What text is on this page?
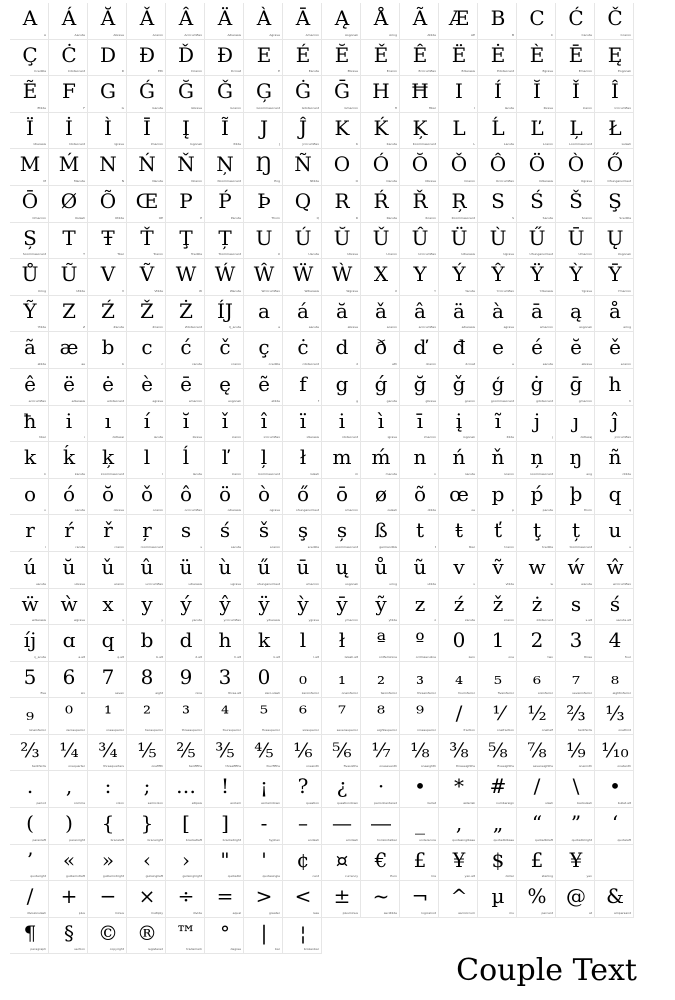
A
A
Á
Aacute
Ă
Abreve
Ǎ
Acaron
Â
Acircumflex
Ä
Adieresis
À
Agrave
Ā
Amacron
Ą
Aogonek
Å
Aring
Ã
Atilde
Æ
AE
B
B
C
C
Ć
Cacute
Č
Ccaron
Ç
Ccedilla
Ċ
Cdotaccent
D
D
Ð
Eth
Ď
Dcaron
Đ
Dcroat
E
E
É
Eacute
Ĕ
Ebreve
Ě
Ecaron
Ê
Ecircumflex
Ë
Edieresis
Ė
Edotaccent
È
Egrave
Ē
Emacron
Ę
Eogonek
Ẽ
Etilde
F
F
G
G
Ǵ
Gacute
Ğ
Gbreve
Ǧ
Gcaron
Ģ
Gcommaaccent
Ġ
Gdotaccent
Ḡ
Gmacron
H
H
Ħ
Hbar
I
I
Í
Iacute
Ĭ
Ibreve
Ǐ
Icaron
Î
Icircumflex
Ï
Idieresis
İ
Idotaccent
Ì
Igrave
Ī
Imacron
Į
Iogonek
Ĩ
Itilde
J
J
Ĵ
Jcircumflex
K
K
Ḱ
Kacute
Ķ
Kcommaaccent
L
L
Ĺ
Lacute
Ľ
Lcaron
Ļ
Lcommaaccent
Ł
Lslash
M
M
Ḿ
Macute
N
N
Ń
Nacute
Ň
Ncaron
Ņ
Ncommaaccent
Ŋ
Eng
Ñ
Ntilde
O
O
Ó
Oacute
Ŏ
Obreve
Ǒ
Ocaron
Ô
Ocircumflex
Ö
Odieresis
Ò
Ograve
Ő
Ohungarumlaut
Ō
Omacron
Ø
Oslash
Õ
Otilde
Œ
OE
P
P
Ṕ
Pacute
Þ
Thorn
Q
Q
R
R
Ŕ
Racute
Ř
Rcaron
Ŗ
Rcommaaccent
S
S
Ś
Sacute
Š
Scaron
Ş
Scedilla
Ș
Scommaaccent
T
T
Ŧ
Tbar
Ť
Tcaron
Ţ
Tcedilla
Ț
Tcommaaccent
U
U
Ú
Uacute
Ŭ
Ubreve
Ǔ
Ucaron
Û
Ucircumflex
Ü
Udieresis
Ù
Ugrave
Ű
Uhungarumlaut
Ū
Umacron
Ų
Uogonek
Ů
Uring
Ũ
Utilde
V
V
Ṽ
Vtilde
W
W
Ẃ
Wacute
Ŵ
Wcircumflex
Ẅ
Wdieresis
Ẁ
Wgrave
X
X
Y
Y
Ý
Yacute
Ŷ
Ycircumflex
Ÿ
Ydieresis
Ỳ
Ygrave
Ȳ
Ymacron
Ỹ
Ytilde
Z
Z
Ź
Zacute
Ž
Zcaron
Ż
Zdotaccent
ÍJ
IJ_acute
a
a
á
aacute
ă
abreve
ǎ
acaron
â
acircumflex
ä
adieresis
à
agrave
ā
amacron
ą
aogonek
å
aring
ã
atilde
æ
ae
b
b
c
c
ć
cacute
č
ccaron
ç
ccedilla
ċ
cdotaccent
d
d
ð
eth
ď
dcaron
đ
dcroat
e
e
é
eacute
ĕ
ebreve
ě
ecaron
ê
ecircumflex
ë
edieresis
ė
edotaccent
è
egrave
ē
emacron
ę
eogonek
ẽ
etilde
f
f
g
g
ǵ
gacute
ğ
gbreve
ǧ
gcaron
ģ
gcommaaccent
ġ
gdotaccent
ḡ
gmacron
h
h
ħ
hbar
i
i
ı
dotlessi
í
iacute
ĭ
ibreve
ǐ
icaron
î
icircumflex
ï
idieresis
i
idotaccent
ì
igrave
ī
imacron
į
iogonek
ĩ
itilde
j
j
ȷ
dotlessj
ĵ
jcircumflex
k
k
ḱ
kacute
ķ
kcommaaccent
l
l
ĺ
lacute
ľ
lcaron
ļ
lcommaaccent
ł
lslash
m
m
ḿ
macute
n
n
ń
nacute
ň
ncaron
ņ
ncommaaccent
ŋ
eng
ñ
ntilde
o
o
ó
oacute
ŏ
obreve
ǒ
ocaron
ô
ocircumflex
ö
odieresis
ò
ograve
ő
ohungarumlaut
ō
omacron
ø
oslash
õ
otilde
œ
oe
p
p
ṕ
pacute
þ
thorn
q
q
r
r
ŕ
racute
ř
rcaron
ŗ
rcommaaccent
s
s
ś
sacute
š
scaron
ş
scedilla
ș
scommaaccent
ß
germandbls
t
t
ŧ
tbar
ť
tcaron
ţ
tcedilla
ț
tcommaaccent
u
u
ú
uacute
ŭ
ubreve
ǔ
ucaron
û
ucircumflex
ü
udieresis
ù
ugrave
ű
uhungarumlaut
ū
umacron
ų
uogonek
ů
uring
ũ
utilde
v
v
ṽ
vtilde
w
w
ẃ
wacute
ŵ
wcircumflex
ẅ
wdieresis
ẁ
wgrave
x
x
y
y
ý
yacute
ŷ
ycircumflex
ÿ
ydieresis
ỳ
ygrave
ȳ
ymacron
ỹ
ytilde
z
z
ź
zacute
ž
zcaron
ż
zdotaccent
s
s.alt
ś
sacute.alt
íj
ij_acute
ɑ
a.alt
q
q.alt
b
b.alt
d
d.alt
h
h.alt
k
k.alt
l
l.alt
ł
lslash.alt
ª
ordfeminine
º
ordmasculine
0
zero
1
one
2
two
3
three
4
four
5
five
6
six
7
seven
8
eight
9
nine
3
three.alt
0
zero.slash
₀
zeroinferior
₁
oneinferior
₂
twoinferior
₃
threeinferior
₄
fourinferior
₅
fiveinferior
₆
sixinferior
₇
seveninferior
₈
eightinferior
₉
nineinferior
⁰
zerosuperior
¹
onesuperior
²
twosuperior
³
threesuperior
⁴
foursuperior
⁵
fivesuperior
⁶
sixsuperior
⁷
sevensuperior
⁸
eightsuperior
⁹
ninesuperior
/
fraction
⅟
onefraction
½
onehalf
⅔
twothirds
⅓
onethird
⅔
twothirds
¼
onequarter
¾
threequarters
⅕
onefifth
⅖
twofifths
⅗
threefifths
⅘
fourfifths
⅙
onesixth
⅚
fivesixths
⅐
oneseventh
⅛
oneeighth
⅜
threeeighths
⅝
fiveeighths
⅞
seveneighths
⅑
oneninth
⅒
onetenth
.
period
,
comma
:
colon
;
semicolon
…
ellipsis
!
exclam
¡
exclamdown
?
question
¿
questiondown
·
periodcentered
•
bullet
*
asterisk
#
numbersign
/
slash
\
backslash
•
bullet.alt
(
parenleft
)
parenright
{
braceleft
}
braceright
[
bracketleft
]
bracketright
-
hyphen
–
endash
—
emdash
―
horizontalbar
_
underscore
,
quotesinglbase
„
quotedblbase
“
quotedblleft
”
quotedblright
‘
quoteleft
’
quoteright
«
guillemotleft
»
guillemotright
‹
guilsinglleft
›
guilsinglright
"
quotedbl
'
quotesingle
¢
cent
¤
currency
€
Euro
£
lira
¥
yen.alt
$
dollar
£
sterling
¥
yen
∕
divisionslash
+
plus
−
minus
×
multiply
÷
divide
=
equal
>
greater
<
less
±
plusminus
~
asciitilde
¬
logicalnot
^
asciicircum
µ
mu
%
percent
@
at
&
ampersand
¶
paragraph
§
section
©
copyright
®
registered
™
trademark
°
degree
|
bar
¦
brokenbar
Couple Text
